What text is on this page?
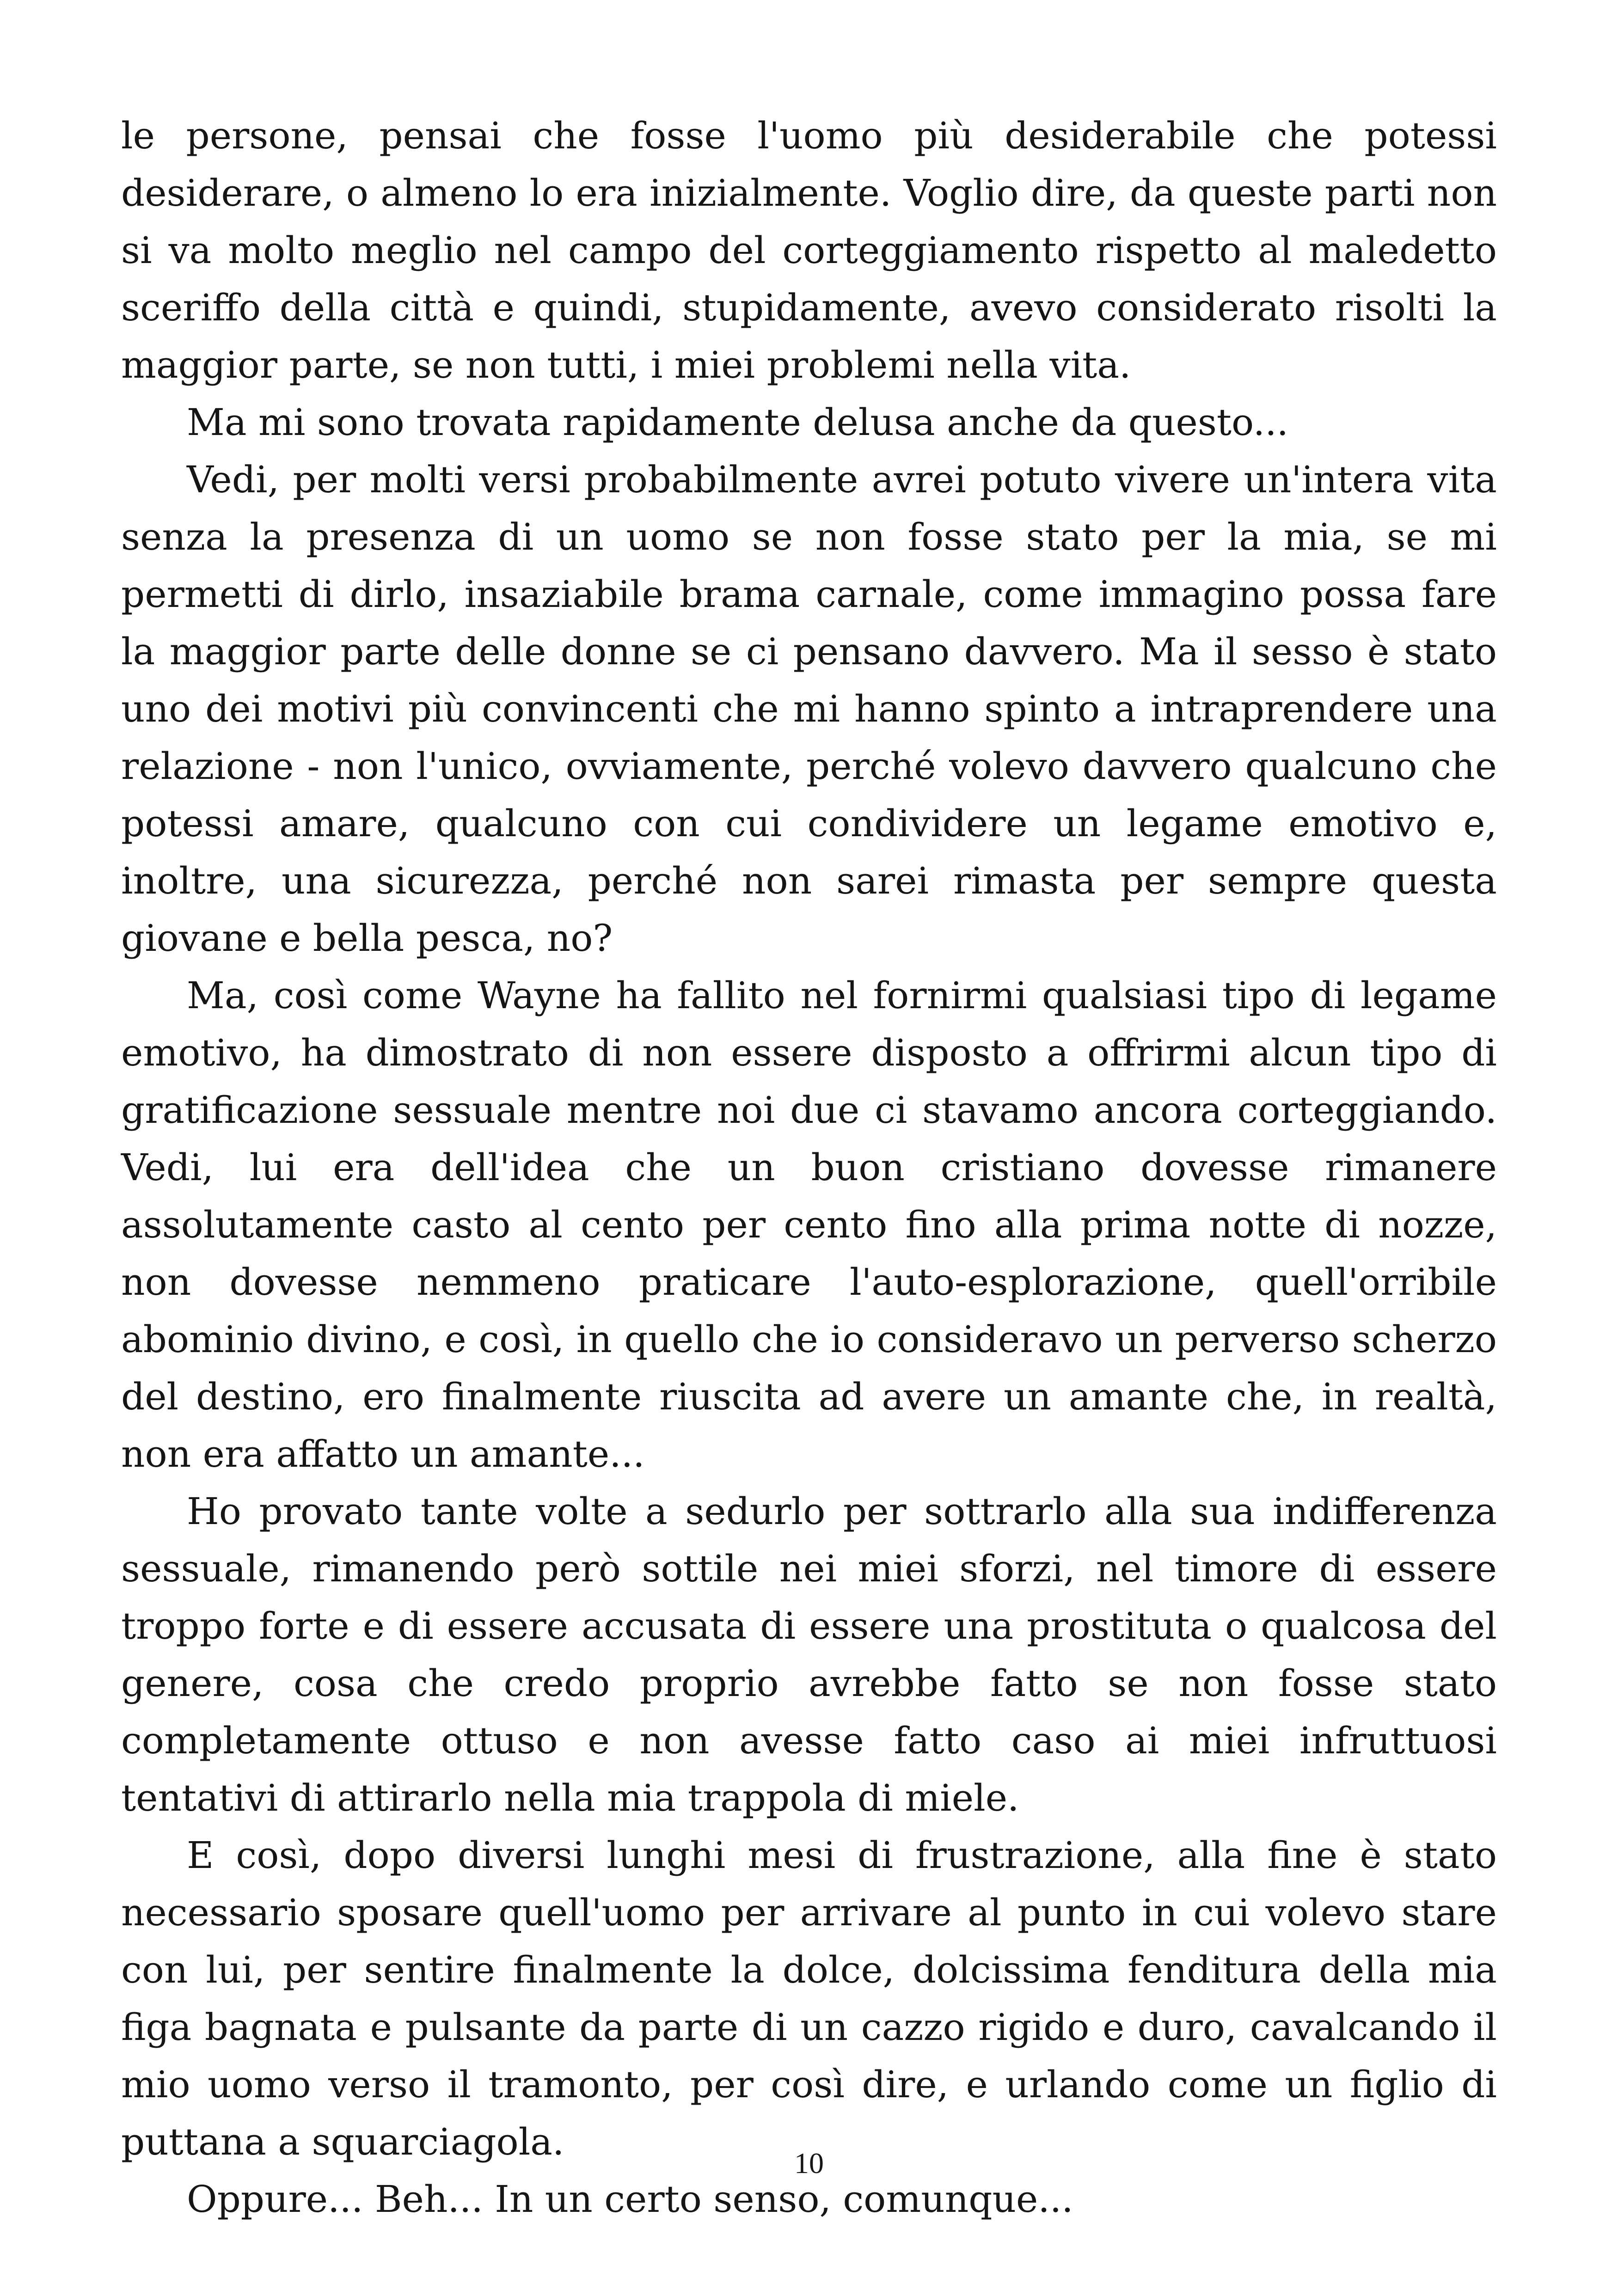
le persone, pensai che fosse l'uomo più desiderabile che potessi desiderare, o almeno lo era inizialmente. Voglio dire, da queste parti non si va molto meglio nel campo del corteggiamento rispetto al maledetto sceriffo della città e quindi, stupidamente, avevo considerato risolti la maggior parte, se non tutti, i miei problemi nella vita.

Ma mi sono trovata rapidamente delusa anche da questo...

Vedi, per molti versi probabilmente avrei potuto vivere un'intera vita senza la presenza di un uomo se non fosse stato per la mia, se mi permetti di dirlo, insaziabile brama carnale, come immagino possa fare la maggior parte delle donne se ci pensano davvero. Ma il sesso è stato uno dei motivi più convincenti che mi hanno spinto a intraprendere una relazione - non l'unico, ovviamente, perché volevo davvero qualcuno che potessi amare, qualcuno con cui condividere un legame emotivo e, inoltre, una sicurezza, perché non sarei rimasta per sempre questa giovane e bella pesca, no?

Ma, così come Wayne ha fallito nel fornirmi qualsiasi tipo di legame emotivo, ha dimostrato di non essere disposto a offrirmi alcun tipo di gratificazione sessuale mentre noi due ci stavamo ancora corteggiando. Vedi, lui era dell'idea che un buon cristiano dovesse rimanere assolutamente casto al cento per cento fino alla prima notte di nozze, non dovesse nemmeno praticare l'auto-esplorazione, quell'orribile abominio divino, e così, in quello che io consideravo un perverso scherzo del destino, ero finalmente riuscita ad avere un amante che, in realtà, non era affatto un amante...

Ho provato tante volte a sedurlo per sottrarlo alla sua indifferenza sessuale, rimanendo però sottile nei miei sforzi, nel timore di essere troppo forte e di essere accusata di essere una prostituta o qualcosa del genere, cosa che credo proprio avrebbe fatto se non fosse stato completamente ottuso e non avesse fatto caso ai miei infruttuosi tentativi di attirarlo nella mia trappola di miele.

E così, dopo diversi lunghi mesi di frustrazione, alla fine è stato necessario sposare quell'uomo per arrivare al punto in cui volevo stare con lui, per sentire finalmente la dolce, dolcissima fenditura della mia figa bagnata e pulsante da parte di un cazzo rigido e duro, cavalcando il mio uomo verso il tramonto, per così dire, e urlando come un figlio di puttana a squarciagola.

Oppure... Beh... In un certo senso, comunque...

10
